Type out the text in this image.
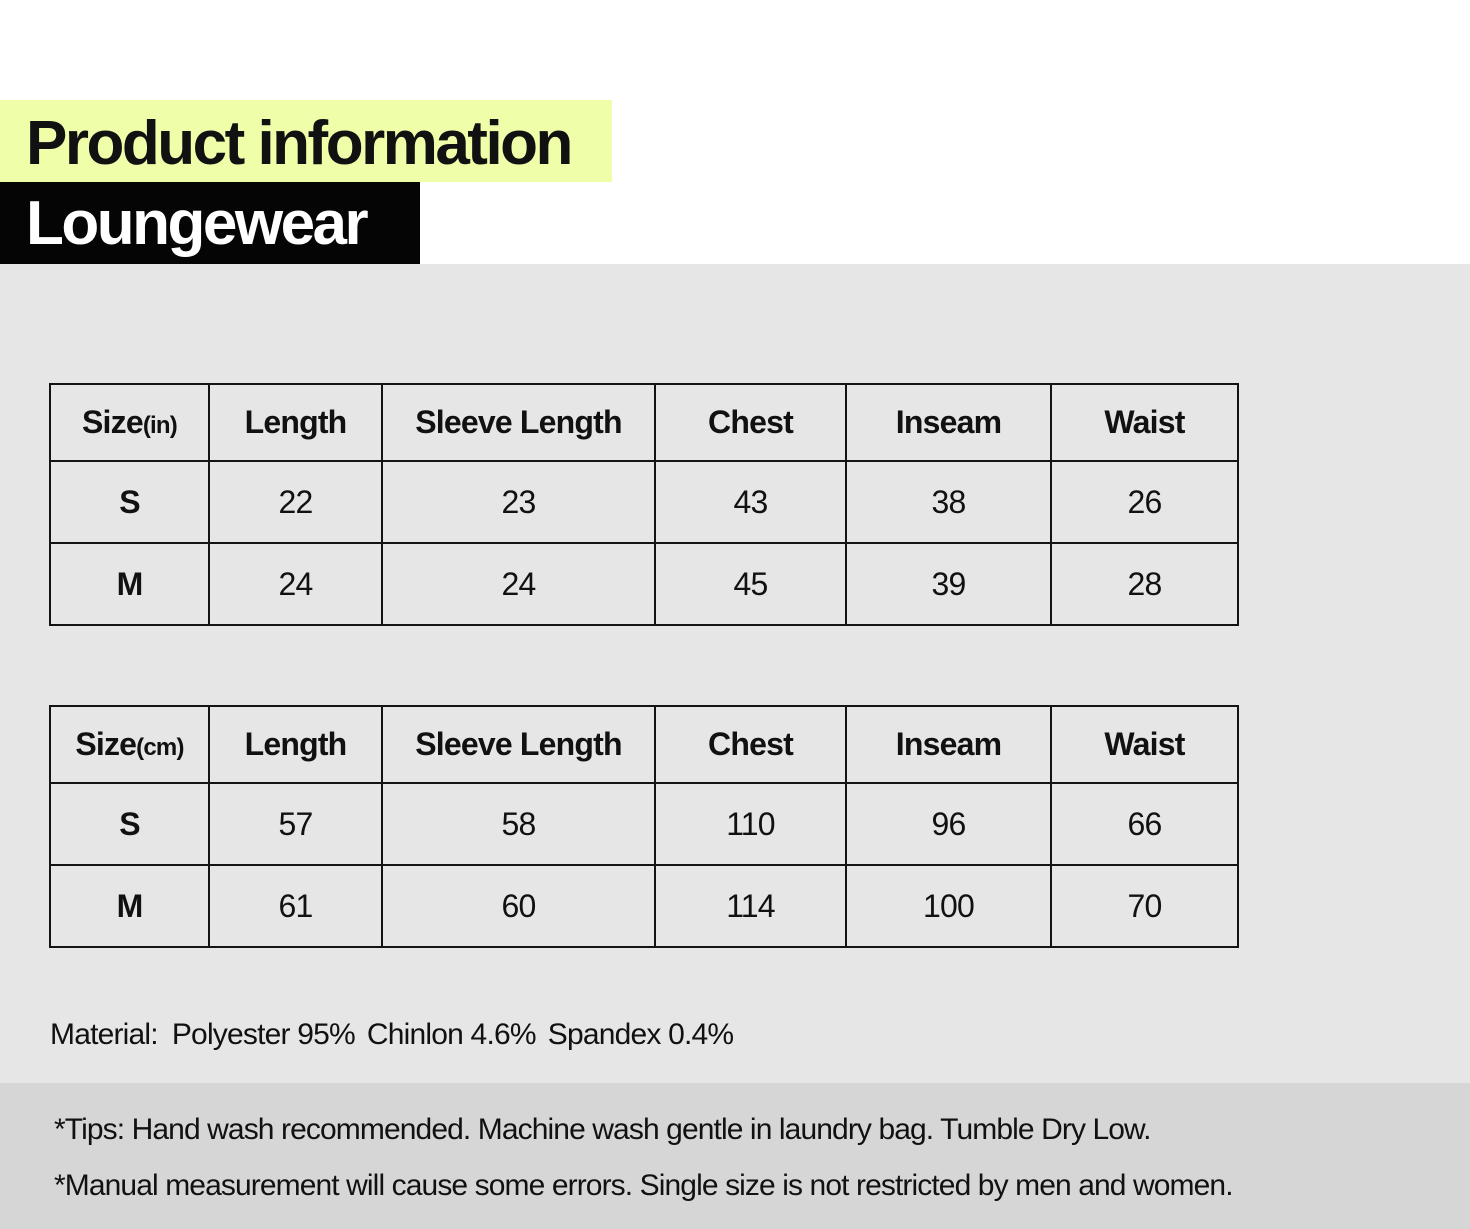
Product information
Loungewear
Size(in)	Length	Sleeve Length	Chest	Inseam	Waist
S	22	23	43	38	26
M	24	24	45	39	28
Size(cm)	Length	Sleeve Length	Chest	Inseam	Waist
S	57	58	110	96	66
M	61	60	114	100	70

Material: Polyester 95% Chinlon 4.6% Spandex 0.4%

*Tips: Hand wash recommended. Machine wash gentle in laundry bag. Tumble Dry Low.

*Manual measurement will cause some errors. Single size is not restricted by men and women.
